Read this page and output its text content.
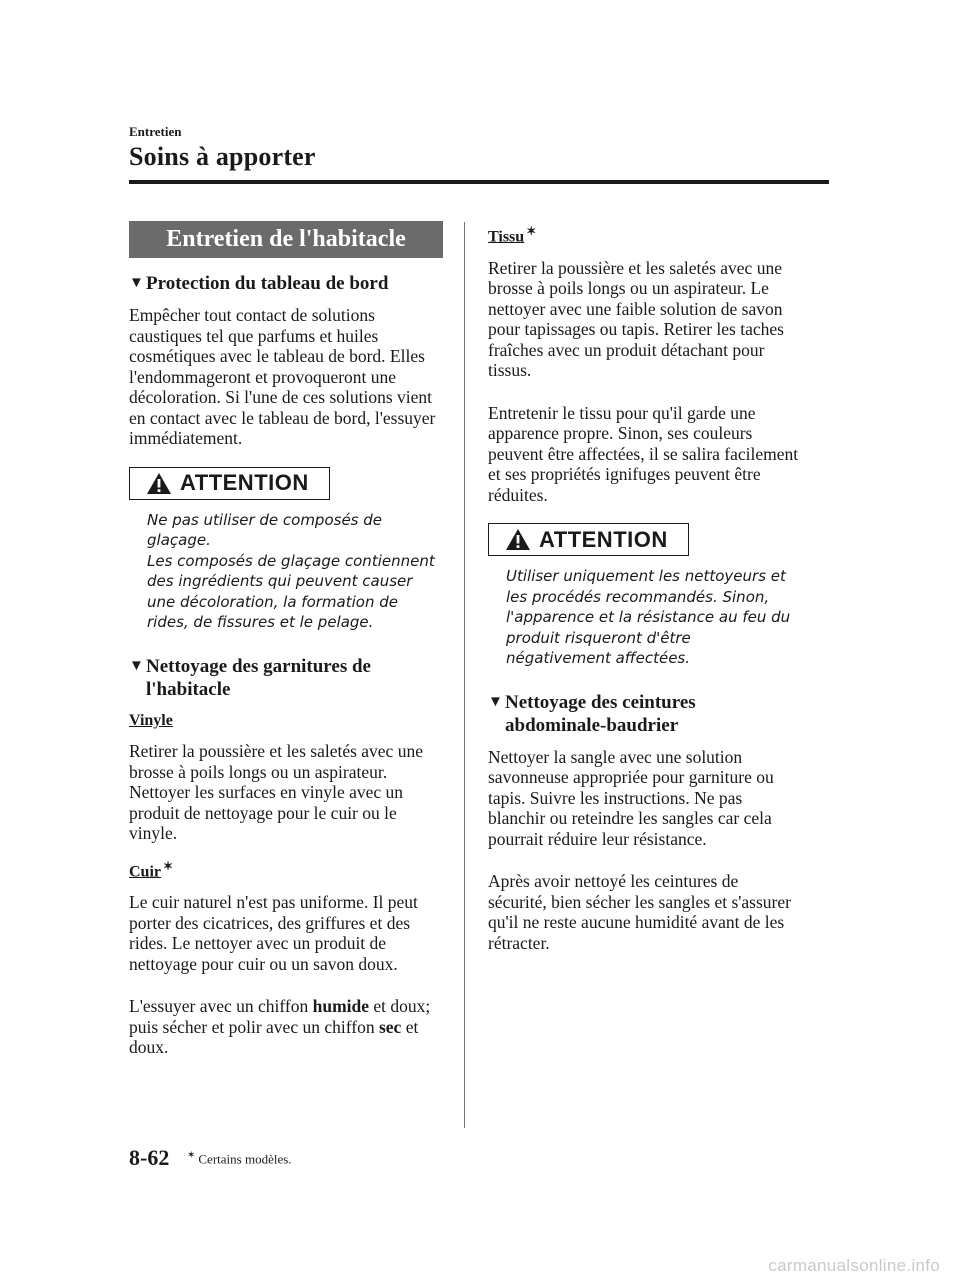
Entretien
Soins à apporter
Entretien de l'habitacle
▼ Protection du tableau de bord

Empêcher tout contact de solutions caustiques tel que parfums et huiles cosmétiques avec le tableau de bord. Elles l'endommageront et provoqueront une décoloration. Si l'une de ces solutions vient en contact avec le tableau de bord, l'essuyer immédiatement.

ATTENTION
Ne pas utiliser de composés de
glaçage.
Les composés de glaçage contiennent
des ingrédients qui peuvent causer
une décoloration, la formation de
rides, de fissures et le pelage.
▼ Nettoyage des garnitures de l'habitacle
Vinyle

Retirer la poussière et les saletés avec une brosse à poils longs ou un aspirateur. Nettoyer les surfaces en vinyle avec un produit de nettoyage pour le cuir ou le vinyle.

Cuir ✶

Le cuir naturel n'est pas uniforme. Il peut porter des cicatrices, des griffures et des rides. Le nettoyer avec un produit de nettoyage pour cuir ou un savon doux.

L'essuyer avec un chiffon humide et doux; puis sécher et polir avec un chiffon sec et doux.

Tissu ✶

Retirer la poussière et les saletés avec une brosse à poils longs ou un aspirateur. Le nettoyer avec une faible solution de savon pour tapissages ou tapis. Retirer les taches fraîches avec un produit détachant pour tissus.

Entretenir le tissu pour qu'il garde une apparence propre. Sinon, ses couleurs peuvent être affectées, il se salira facilement et ses propriétés ignifuges peuvent être réduites.

ATTENTION
Utiliser uniquement les nettoyeurs et
les procédés recommandés. Sinon,
l'apparence et la résistance au feu du
produit risqueront d'être
négativement affectées.
▼ Nettoyage des ceintures abdominale-baudrier

Nettoyer la sangle avec une solution savonneuse appropriée pour garniture ou tapis. Suivre les instructions. Ne pas blanchir ou reteindre les sangles car cela pourrait réduire leur résistance.

Après avoir nettoyé les ceintures de sécurité, bien sécher les sangles et s'assurer qu'il ne reste aucune humidité avant de les rétracter.

8-62 ✶ Certains modèles.
carmanualsonline.info
